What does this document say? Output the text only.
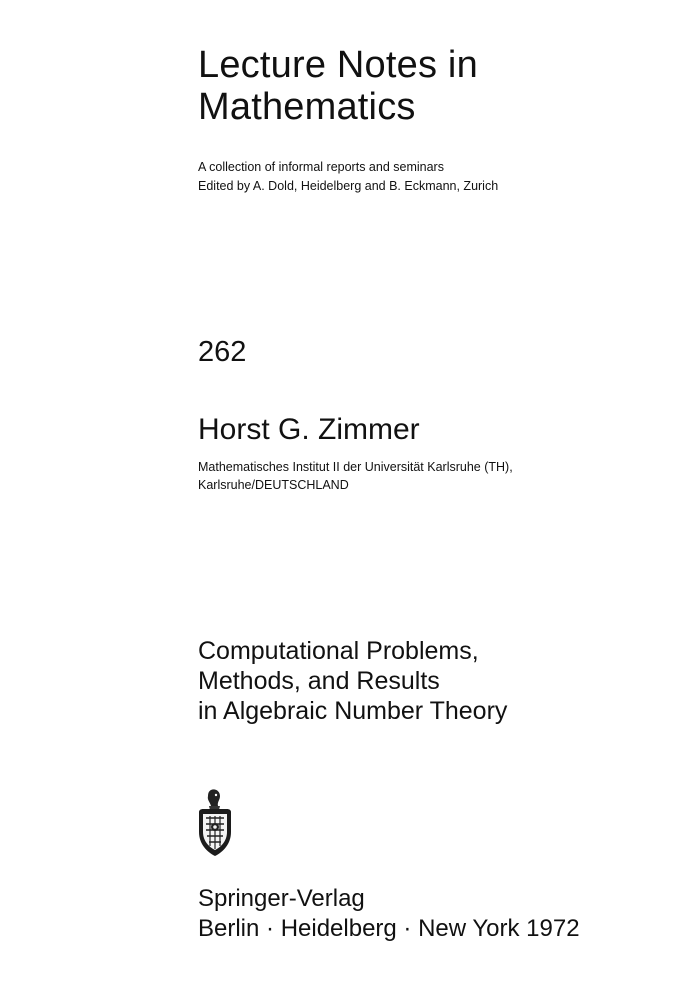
Lecture Notes in
Mathematics
A collection of informal reports and seminars
Edited by A. Dold, Heidelberg and B. Eckmann, Zurich
262
Horst G. Zimmer
Mathematisches Institut II der Universität Karlsruhe (TH),
Karlsruhe/DEUTSCHLAND
Computational Problems,
Methods, and Results
in Algebraic Number Theory
Springer-Verlag
Berlin · Heidelberg · New York 1972
